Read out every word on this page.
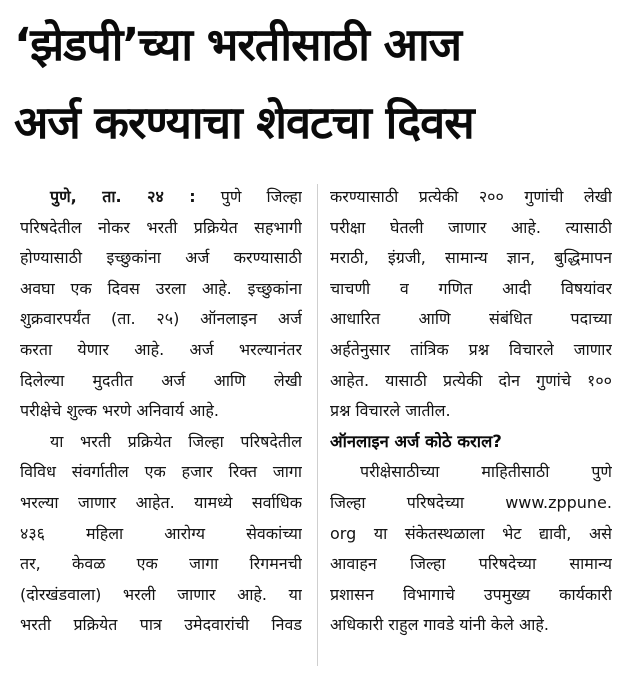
‘झेडपी’च्या भरतीसाठी आज
अर्ज करण्याचा शेवटचा दिवस
पुणे, ता. २४ : पुणे जिल्हा
परिषदेतील नोकर भरती प्रक्रियेत सहभागी
होण्यासाठी इच्छुकांना अर्ज करण्यासाठी
अवघा एक दिवस उरला आहे. इच्छुकांना
शुक्रवारपर्यंत (ता. २५) ऑनलाइन अर्ज
करता येणार आहे. अर्ज भरल्यानंतर
दिलेल्या मुदतीत अर्ज आणि लेखी
परीक्षेचे शुल्क भरणे अनिवार्य आहे.
या भरती प्रक्रियेत जिल्हा परिषदेतील
विविध संवर्गातील एक हजार रिक्त जागा
भरल्या जाणार आहेत. यामध्ये सर्वाधिक
४३६ महिला आरोग्य सेवकांच्या
तर, केवळ एक जागा रिगमनची
(दोरखंडवाला) भरली जाणार आहे. या
भरती प्रक्रियेत पात्र उमेदवारांची निवड
करण्यासाठी प्रत्येकी २०० गुणांची लेखी
परीक्षा घेतली जाणार आहे. त्यासाठी
मराठी, इंग्रजी, सामान्य ज्ञान, बुद्धिमापन
चाचणी व गणित आदी विषयांवर
आधारित आणि संबंधित पदाच्या
अर्हतेनुसार तांत्रिक प्रश्न विचारले जाणार
आहेत. यासाठी प्रत्येकी दोन गुणांचे १००
प्रश्न विचारले जातील.
ऑनलाइन अर्ज कोठे कराल?
परीक्षेसाठीच्या माहितीसाठी पुणे
जिल्हा परिषदेच्या www.zppune.
org या संकेतस्थळाला भेट द्यावी, असे
आवाहन जिल्हा परिषदेच्या सामान्य
प्रशासन विभागाचे उपमुख्य कार्यकारी
अधिकारी राहुल गावडे यांनी केले आहे.
